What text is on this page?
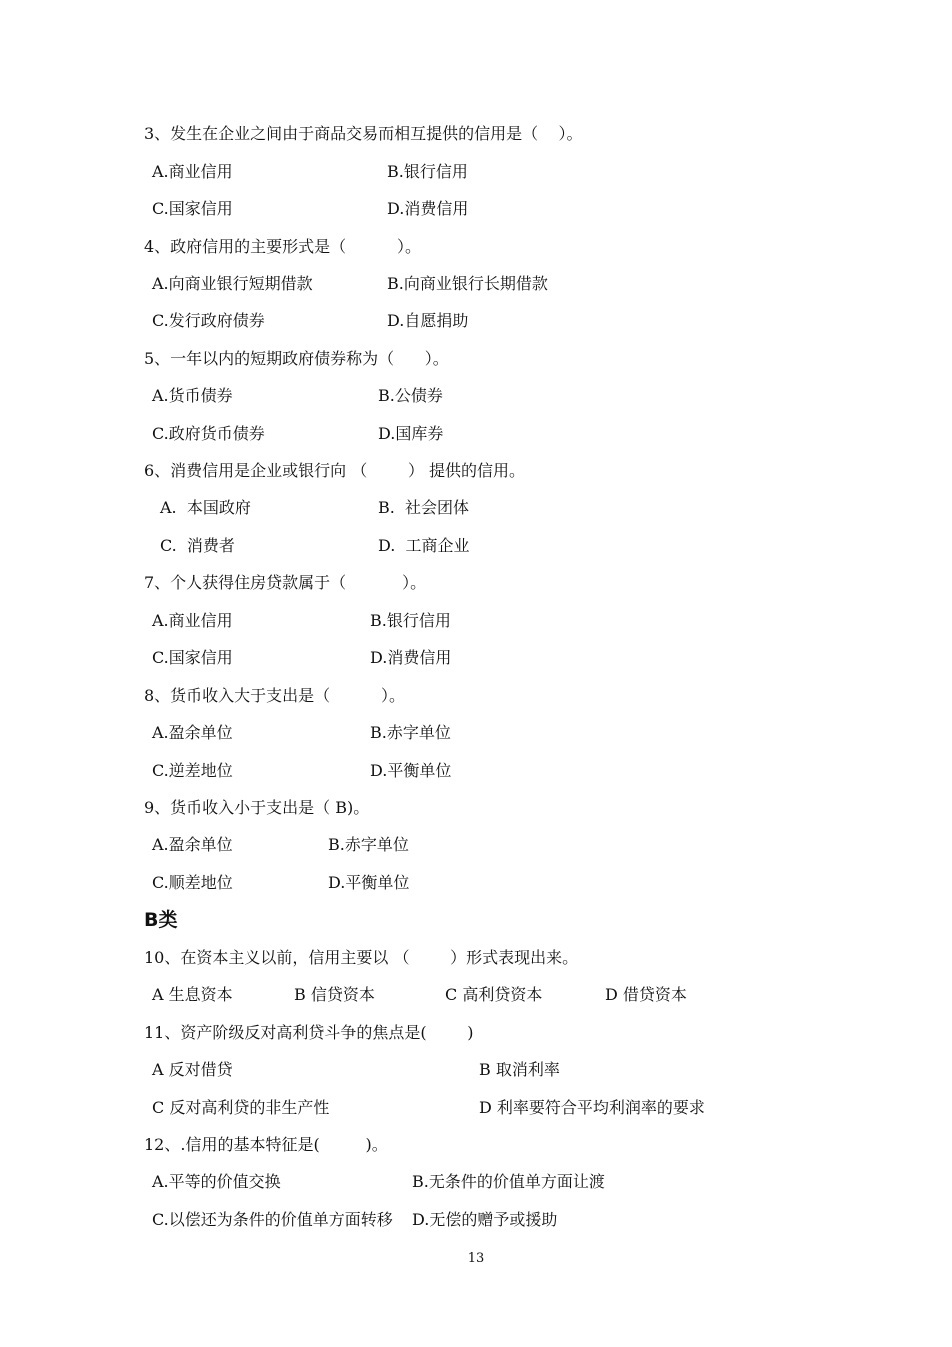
3、发生在企业之间由于商品交易而相互提供的信用是（    ）。
A.商业信用	B.银行信用
C.国家信用	D.消费信用
4、政府信用的主要形式是（          ）。
A.向商业银行短期借款	B.向商业银行长期借款
C.发行政府债券	D.自愿捐助
5、一年以内的短期政府债券称为（      ）。
A.货币债券	B.公债券
C.政府货币债券	D.国库券
6、消费信用是企业或银行向 （        ） 提供的信用。
A.  本国政府	B.  社会团体
C.  消费者	D.  工商企业
7、个人获得住房贷款属于（           ）。
A.商业信用	B.银行信用
C.国家信用	D.消费信用
8、货币收入大于支出是（          ）。
A.盈余单位	B.赤字单位
C.逆差地位	D.平衡单位
9、货币收入小于支出是（ B)。
A.盈余单位	B.赤字单位
C.顺差地位	D.平衡单位
B类
10、在资本主义以前，信用主要以 （        ）形式表现出来。
A 生息资本	B 信贷资本	C 高利贷资本	D 借贷资本
11、资产阶级反对高利贷斗争的焦点是(        )
A 反对借贷	B 取消利率
C 反对高利贷的非生产性	D 利率要符合平均利润率的要求
12、.信用的基本特征是(         )。
A.平等的价值交换	B.无条件的价值单方面让渡
C.以偿还为条件的价值单方面转移 D.无偿的赠予或援助
13
